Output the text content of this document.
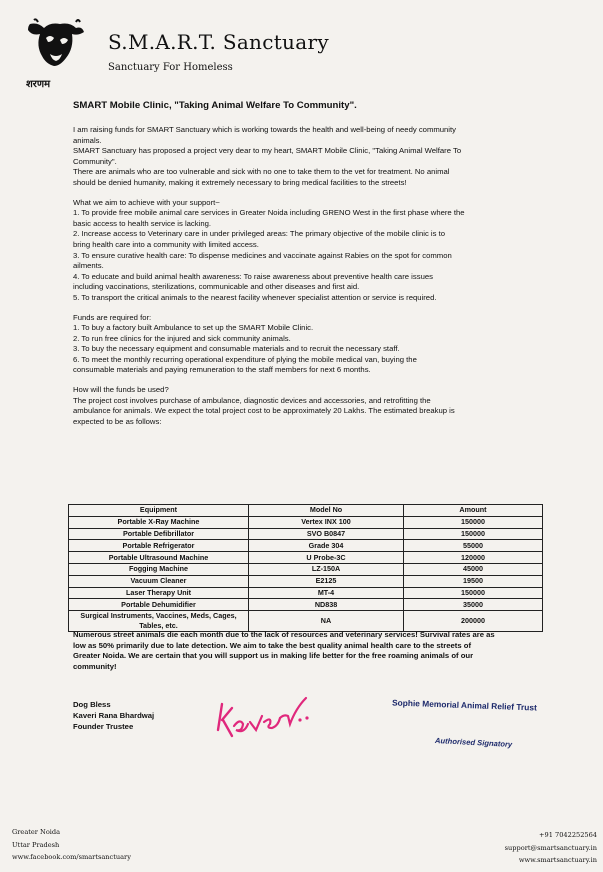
शरणम
S.M.A.R.T. Sanctuary
Sanctuary For Homeless
SMART Mobile Clinic, "Taking Animal Welfare To Community".
I am raising funds for SMART Sanctuary which is working towards the health and well-being of needy community
animals.
SMART Sanctuary has proposed a project very dear to my heart, SMART Mobile Clinic, "Taking Animal Welfare To
Community".
There are animals who are too vulnerable and sick with no one to take them to the vet for treatment. No animal
should be denied humanity, making it extremely necessary to bring medical facilities to the streets!
What we aim to achieve with your support~
1. To provide free mobile animal care services in Greater Noida including GRENO West in the first phase where the
basic access to health service is lacking.
2. Increase access to Veterinary care in under privileged areas: The primary objective of the mobile clinic is to
bring health care into a community with limited access.
3. To ensure curative health care: To dispense medicines and vaccinate against Rabies on the spot for common
ailments.
4. To educate and build animal health awareness: To raise awareness about preventive health care issues
including vaccinations, sterilizations, communicable and other diseases and first aid.
5. To transport the critical animals to the nearest facility whenever specialist attention or service is required.
Funds are required for:
1. To buy a factory built Ambulance to set up the SMART Mobile Clinic.
2. To run free clinics for the injured and sick community animals.
3. To buy the necessary equipment and consumable materials and to recruit the necessary staff.
6. To meet the monthly recurring operational expenditure of plying the mobile medical van, buying the
consumable materials and paying remuneration to the staff members for next 6 months.
How will the funds be used?
The project cost involves purchase of ambulance, diagnostic devices and accessories, and retrofitting the
ambulance for animals. We expect the total project cost to be approximately 20 Lakhs. The estimated breakup is
expected to be as follows:
Equipment	Model No	Amount
Portable X-Ray Machine	Vertex INX 100	150000
Portable Defibrillator	SVO B0847	150000
Portable Refrigerator	Grade 304	55000
Portable Ultrasound Machine	U Probe-3C	120000
Fogging Machine	LZ-150A	45000
Vacuum Cleaner	E2125	19500
Laser Therapy Unit	MT-4	150000
Portable Dehumidifier	ND838	35000
Surgical Instruments, Vaccines, Meds, Cages, Tables, etc.	NA	200000
Numerous street animals die each month due to the lack of resources and veterinary services! Survival rates are as
low as 50% primarily due to late detection. We aim to take the best quality animal health care to the streets of
Greater Noida. We are certain that you will support us in making life better for the free roaming animals of our
community!
Dog Bless
Kaveri Rana Bhardwaj
Founder Trustee
Sophie Memorial Animal Relief Trust
Authorised Signatory
Greater Noida
Uttar Pradesh
www.facebook.com/smartsanctuary
+91 7042252564
support@smartsanctuary.in
www.smartsanctuary.in
